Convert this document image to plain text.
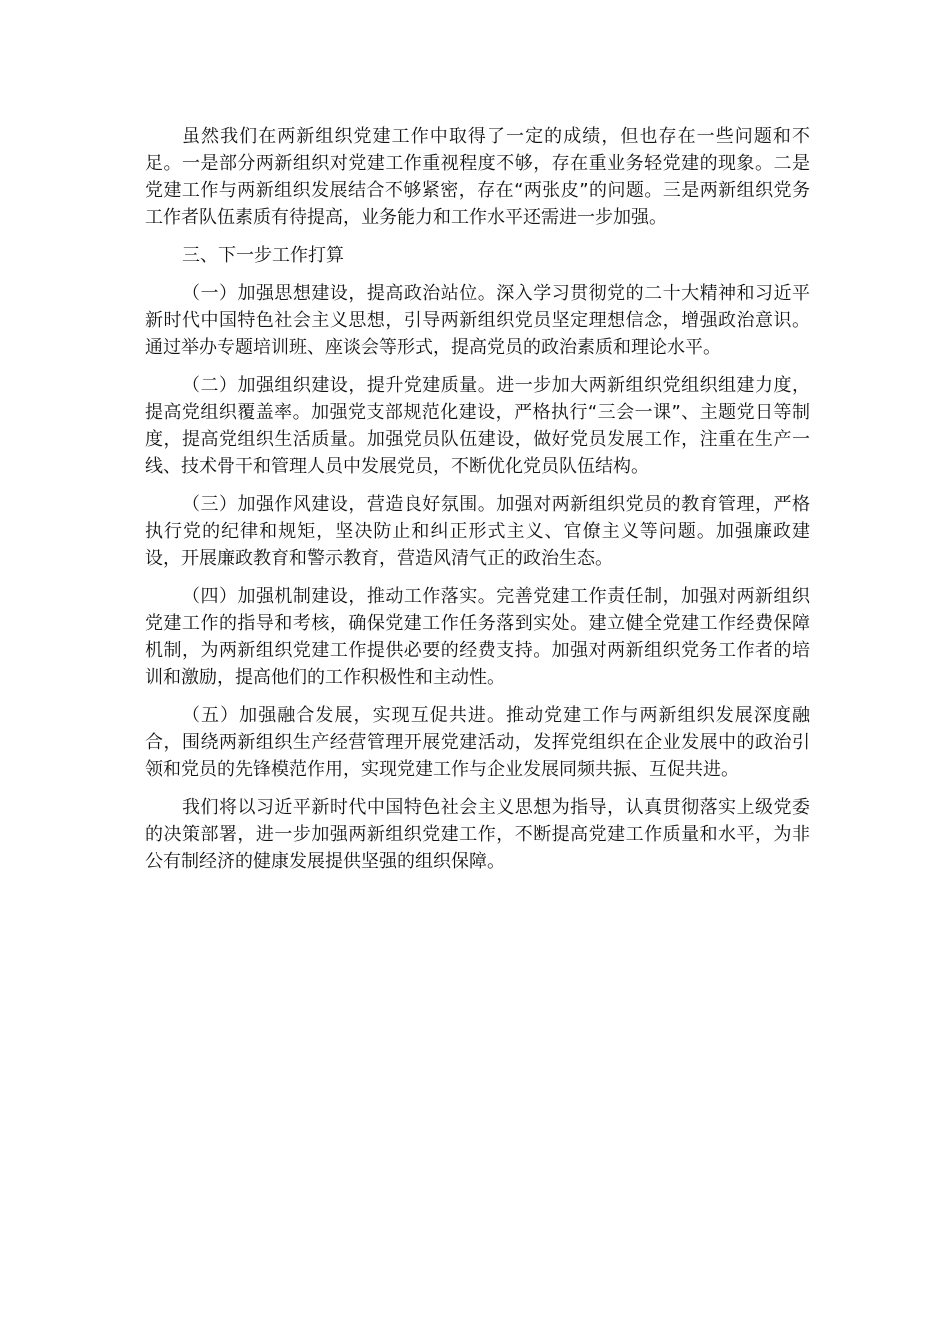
虽然我们在两新组织党建工作中取得了一定的成绩，但也存在一些问题和不足。一是部分两新组织对党建工作重视程度不够，存在重业务轻党建的现象。二是党建工作与两新组织发展结合不够紧密，存在“两张皮”的问题。三是两新组织党务工作者队伍素质有待提高，业务能力和工作水平还需进一步加强。

三、下一步工作打算

（一）加强思想建设，提高政治站位。深入学习贯彻党的二十大精神和习近平新时代中国特色社会主义思想，引导两新组织党员坚定理想信念，增强政治意识。通过举办专题培训班、座谈会等形式，提高党员的政治素质和理论水平。

（二）加强组织建设，提升党建质量。进一步加大两新组织党组织组建力度，提高党组织覆盖率。加强党支部规范化建设，严格执行“三会一课”、主题党日等制度，提高党组织生活质量。加强党员队伍建设，做好党员发展工作，注重在生产一线、技术骨干和管理人员中发展党员，不断优化党员队伍结构。

（三）加强作风建设，营造良好氛围。加强对两新组织党员的教育管理，严格执行党的纪律和规矩，坚决防止和纠正形式主义、官僚主义等问题。加强廉政建设，开展廉政教育和警示教育，营造风清气正的政治生态。

（四）加强机制建设，推动工作落实。完善党建工作责任制，加强对两新组织党建工作的指导和考核，确保党建工作任务落到实处。建立健全党建工作经费保障机制，为两新组织党建工作提供必要的经费支持。加强对两新组织党务工作者的培训和激励，提高他们的工作积极性和主动性。

（五）加强融合发展，实现互促共进。推动党建工作与两新组织发展深度融合，围绕两新组织生产经营管理开展党建活动，发挥党组织在企业发展中的政治引领和党员的先锋模范作用，实现党建工作与企业发展同频共振、互促共进。

我们将以习近平新时代中国特色社会主义思想为指导，认真贯彻落实上级党委的决策部署，进一步加强两新组织党建工作，不断提高党建工作质量和水平，为非公有制经济的健康发展提供坚强的组织保障。
